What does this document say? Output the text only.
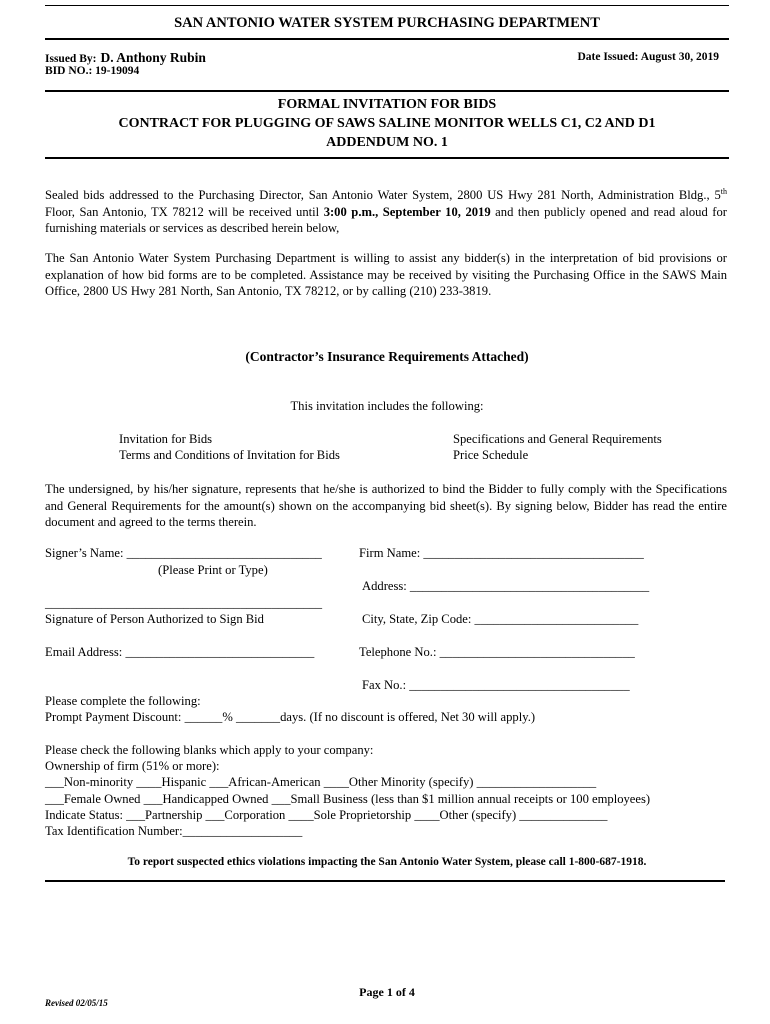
SAN ANTONIO WATER SYSTEM PURCHASING DEPARTMENT
Issued By: D. Anthony Rubin
BID NO.: 19-19094
Date Issued: August 30, 2019
FORMAL INVITATION FOR BIDS
CONTRACT FOR PLUGGING OF SAWS SALINE MONITOR WELLS C1, C2 AND D1
ADDENDUM NO. 1
Sealed bids addressed to the Purchasing Director, San Antonio Water System, 2800 US Hwy 281 North, Administration Bldg., 5th Floor, San Antonio, TX 78212 will be received until 3:00 p.m., September 10, 2019 and then publicly opened and read aloud for furnishing materials or services as described herein below,
The San Antonio Water System Purchasing Department is willing to assist any bidder(s) in the interpretation of bid provisions or explanation of how bid forms are to be completed. Assistance may be received by visiting the Purchasing Office in the SAWS Main Office, 2800 US Hwy 281 North, San Antonio, TX 78212, or by calling (210) 233-3819.
(Contractor’s Insurance Requirements Attached)
This invitation includes the following:
Invitation for Bids
Terms and Conditions of Invitation for Bids
Specifications and General Requirements
Price Schedule
The undersigned, by his/her signature, represents that he/she is authorized to bind the Bidder to fully comply with the Specifications and General Requirements for the amount(s) shown on the accompanying bid sheet(s). By signing below, Bidder has read the entire document and agreed to the terms therein.
Signer’s Name: _______________________________
(Please Print or Type)
Firm Name: ___________________________________
Address: ______________________________________
____________________________________________
Signature of Person Authorized to Sign Bid	City, State, Zip Code: __________________________
Email Address: ______________________________	Telephone No.: _______________________________
Fax No.: ___________________________________
Please complete the following:
Prompt Payment Discount: ______% _______days. (If no discount is offered, Net 30 will apply.)
Please check the following blanks which apply to your company:
Ownership of firm (51% or more):
___Non-minority ____Hispanic ___African-American ____Other Minority (specify) ___________________
___Female Owned ___Handicapped Owned ___Small Business (less than $1 million annual receipts or 100 employees)
Indicate Status: ___Partnership ___Corporation ____Sole Proprietorship ____Other (specify) ______________
Tax Identification Number:___________________
To report suspected ethics violations impacting the San Antonio Water System, please call 1-800-687-1918.
Page 1 of 4
Revised 02/05/15
